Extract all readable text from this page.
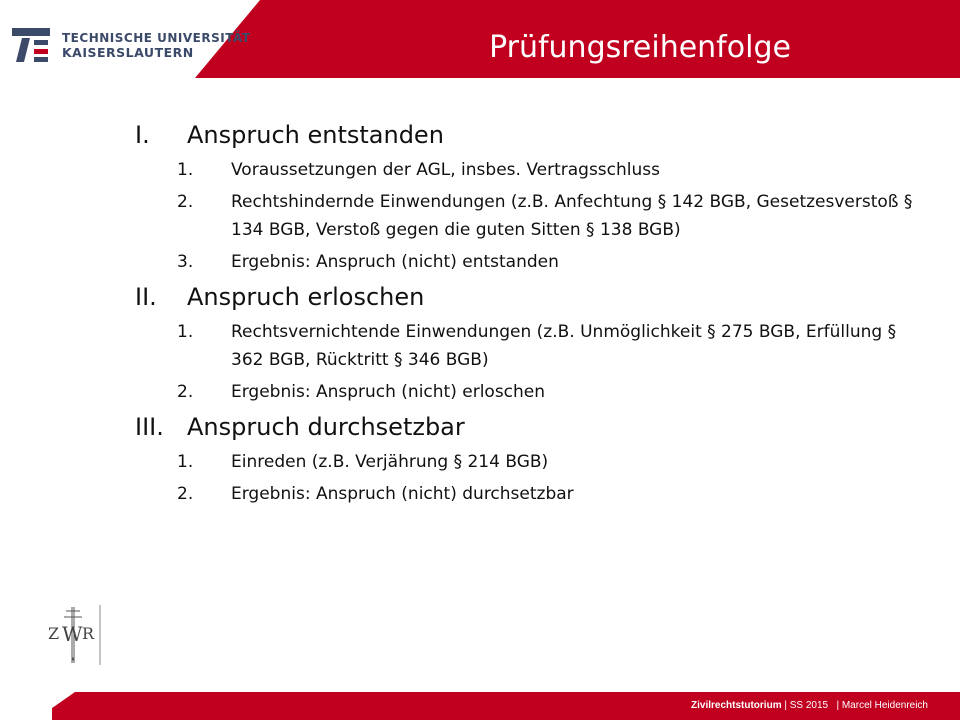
TECHNISCHE UNIVERSITÄT
KAISERSLAUTERN	Prüfungsreihenfolge
I.	Anspruch entstanden
1.	Voraussetzungen der AGL, insbes. Vertragsschluss
2.	Rechtshindernde Einwendungen (z.B. Anfechtung § 142 BGB, Gesetzesverstoß § 134 BGB, Verstoß gegen die guten Sitten § 138 BGB)
3.	Ergebnis: Anspruch (nicht) entstanden
II.	Anspruch erloschen
1.	Rechtsvernichtende Einwendungen (z.B. Unmöglichkeit § 275 BGB, Erfüllung § 362 BGB, Rücktritt § 346 BGB)
2.	Ergebnis: Anspruch (nicht) erloschen
III. Anspruch durchsetzbar
1.	Einreden (z.B. Verjährung § 214 BGB)
2.	Ergebnis: Anspruch (nicht) durchsetzbar
Z W R
Zivilrechtstutorium | SS 2015 | Marcel Heidenreich
